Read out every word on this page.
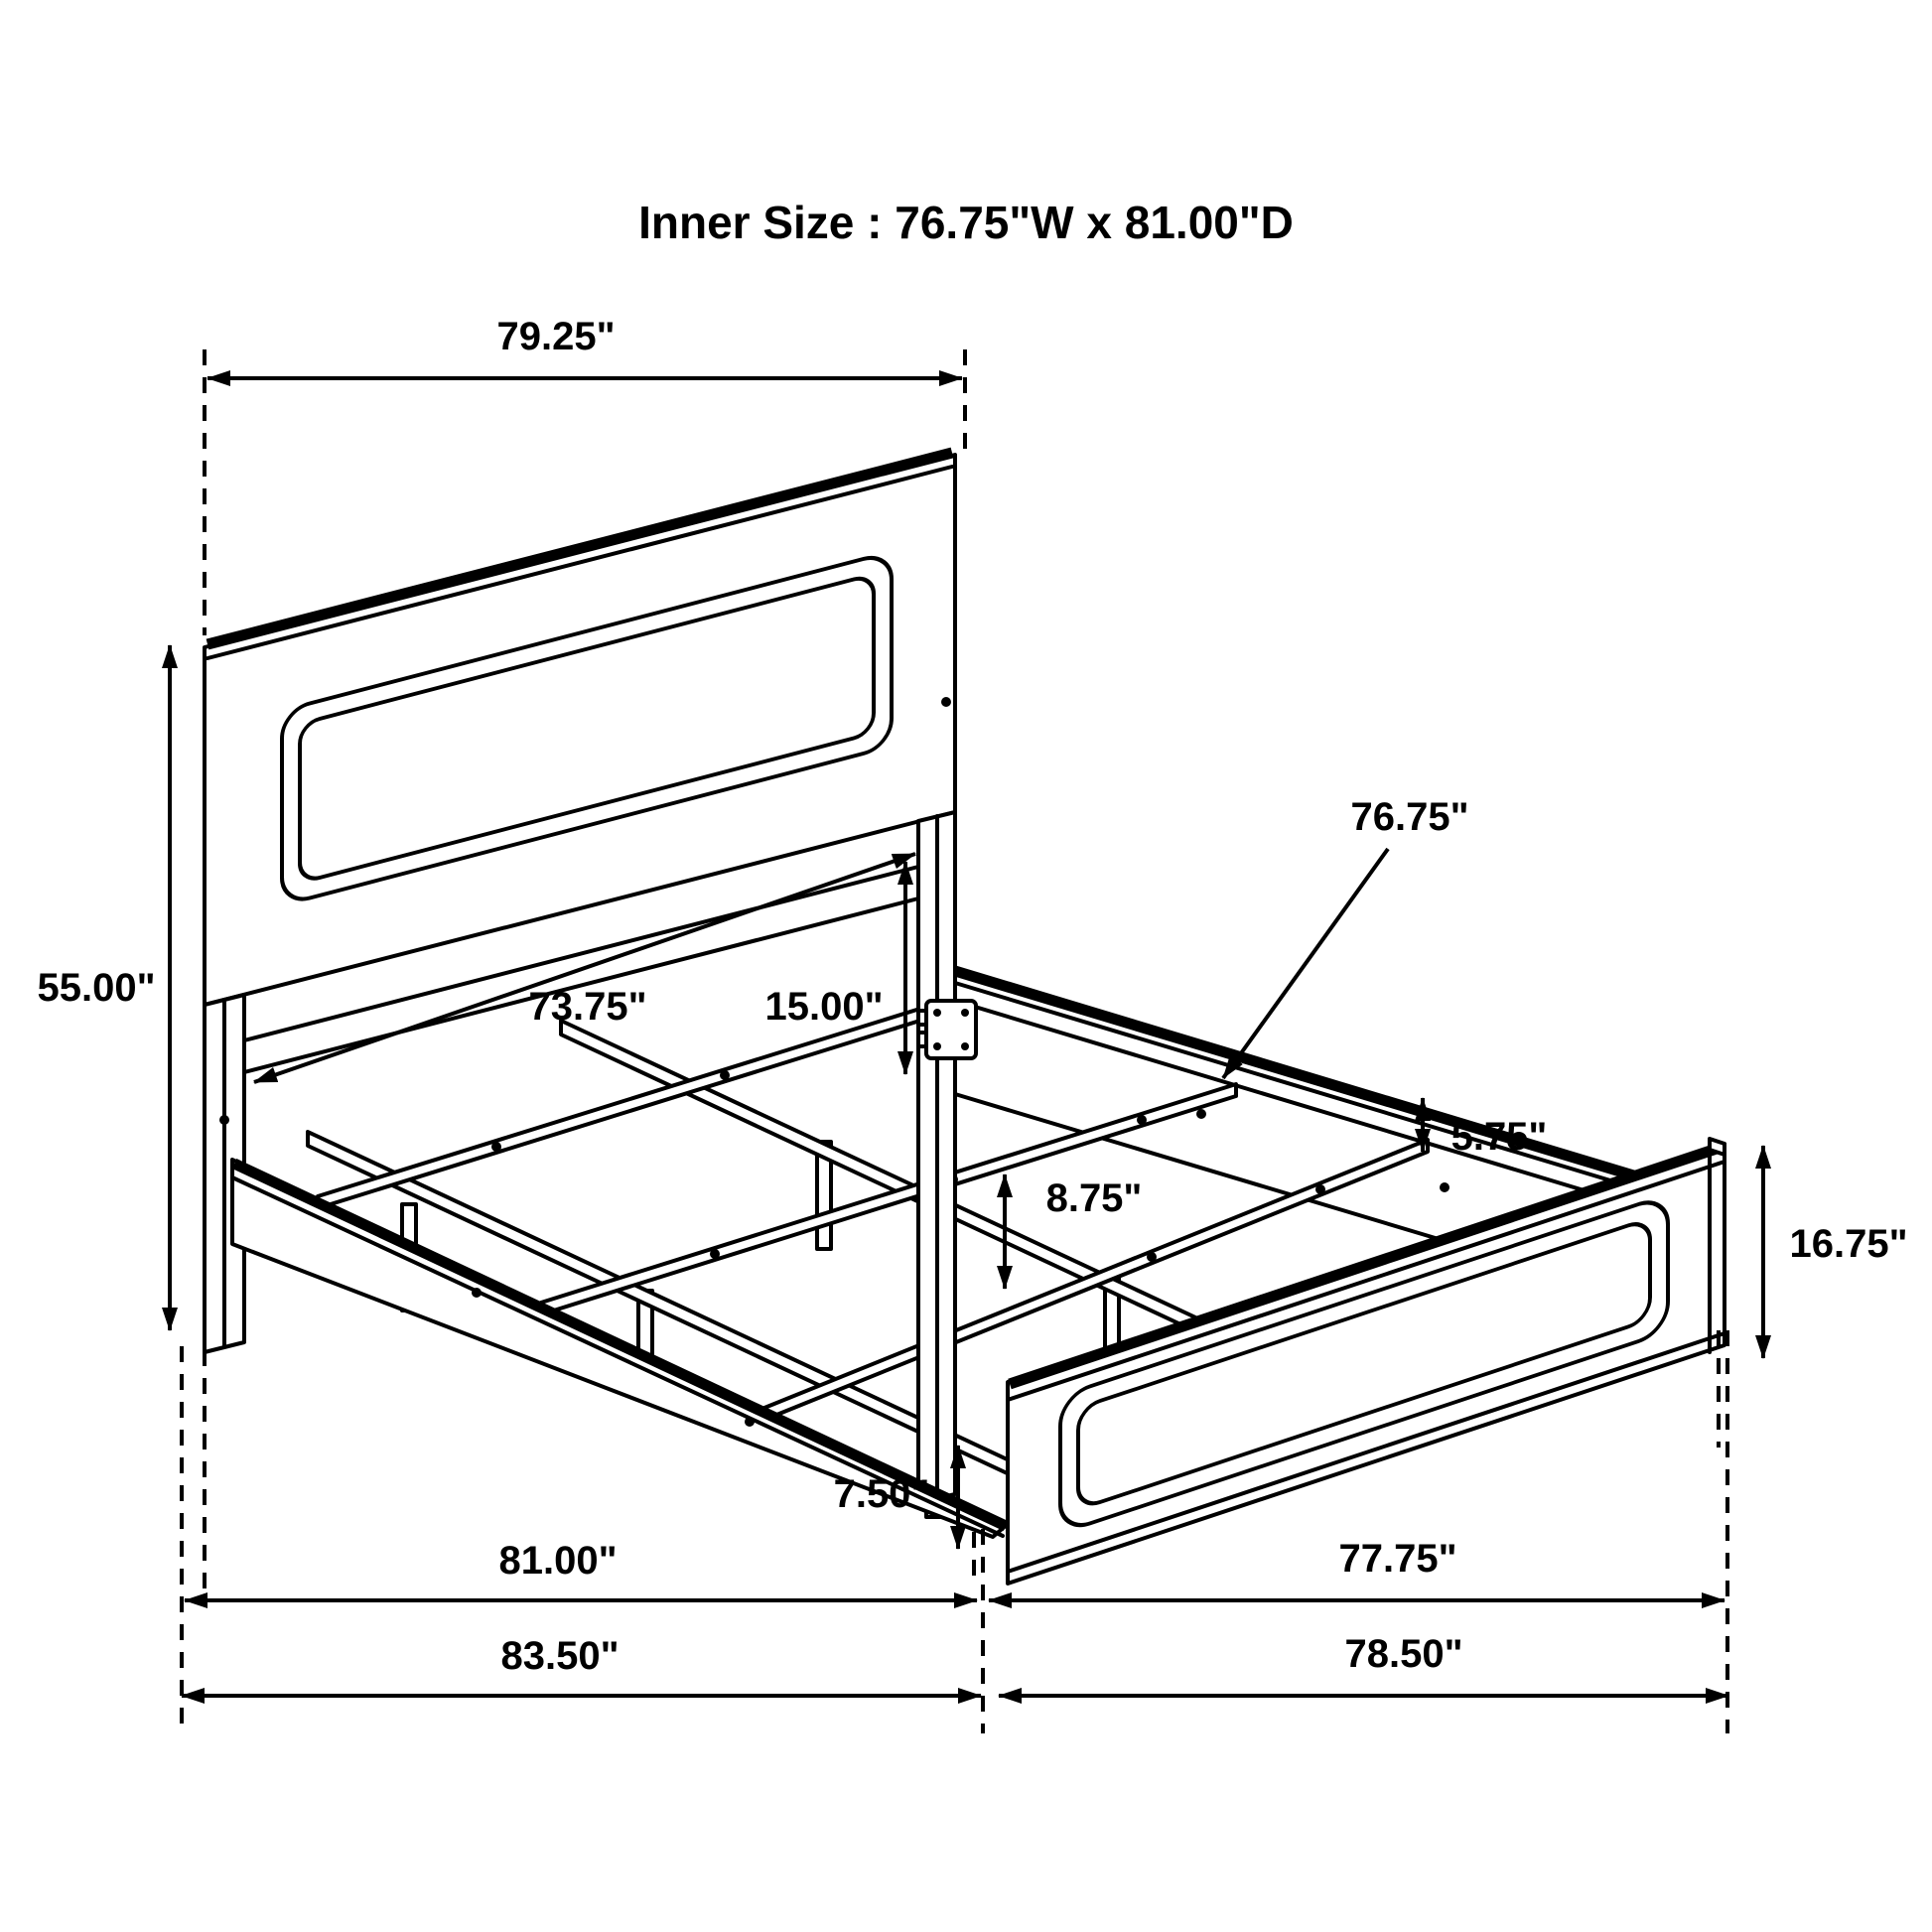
Inner Size : 76.75"W x 81.00"D
79.25"
55.00"	73.75"	15.00"
76.75"
5.75"
8.75"
16.75"
7.50"
81.00"	77.75"
83.50"	78.50"
